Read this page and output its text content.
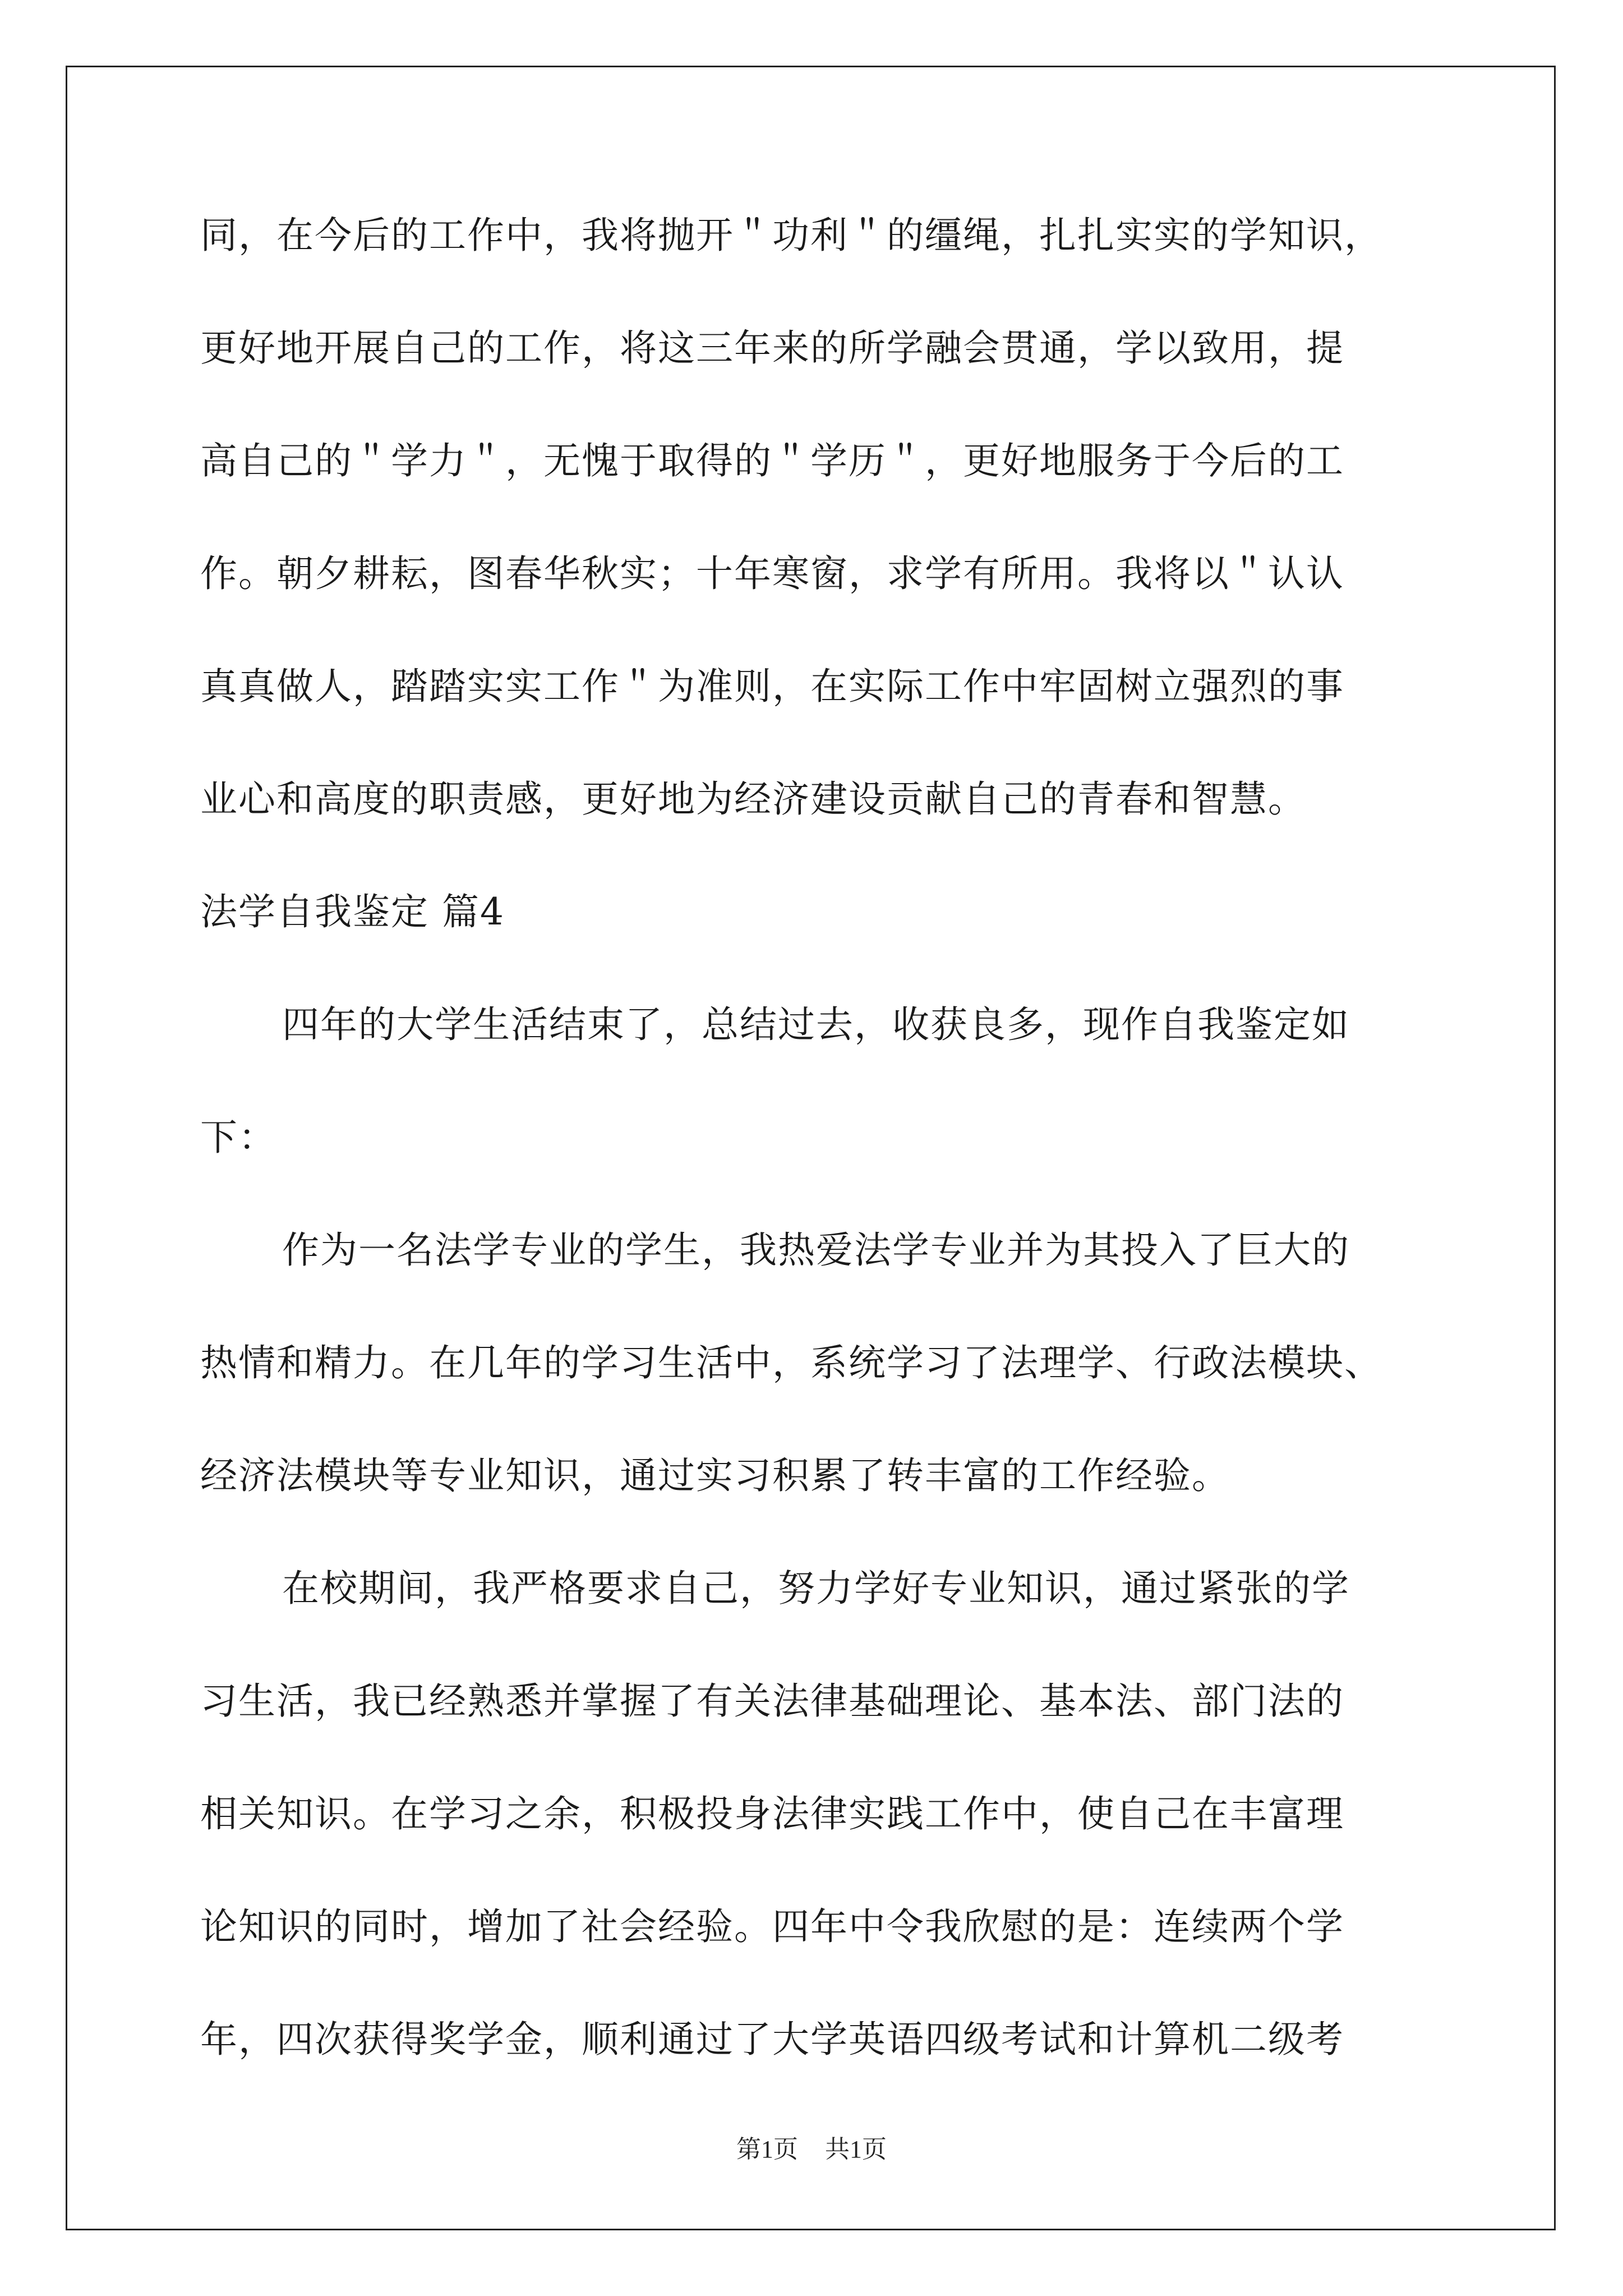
同，在今后的工作中，我将抛开＂功利＂的缰绳，扎扎实实的学知识，
更好地开展自己的工作，将这三年来的所学融会贯通，学以致用，提
高自己的＂学力＂，无愧于取得的＂学历＂，更好地服务于今后的工
作。朝夕耕耘，图春华秋实；十年寒窗，求学有所用。我将以＂认认
真真做人，踏踏实实工作＂为准则，在实际工作中牢固树立强烈的事
业心和高度的职责感，更好地为经济建设贡献自己的青春和智慧。
法学自我鉴定 篇4
四年的大学生活结束了，总结过去，收获良多，现作自我鉴定如
下：
作为一名法学专业的学生，我热爱法学专业并为其投入了巨大的
热情和精力。在几年的学习生活中，系统学习了法理学、行政法模块、
经济法模块等专业知识，通过实习积累了转丰富的工作经验。
在校期间，我严格要求自己，努力学好专业知识，通过紧张的学
习生活，我已经熟悉并掌握了有关法律基础理论、基本法、部门法的
相关知识。在学习之余，积极投身法律实践工作中，使自己在丰富理
论知识的同时，增加了社会经验。四年中令我欣慰的是：连续两个学
年，四次获得奖学金，顺利通过了大学英语四级考试和计算机二级考
第1页 共1页
